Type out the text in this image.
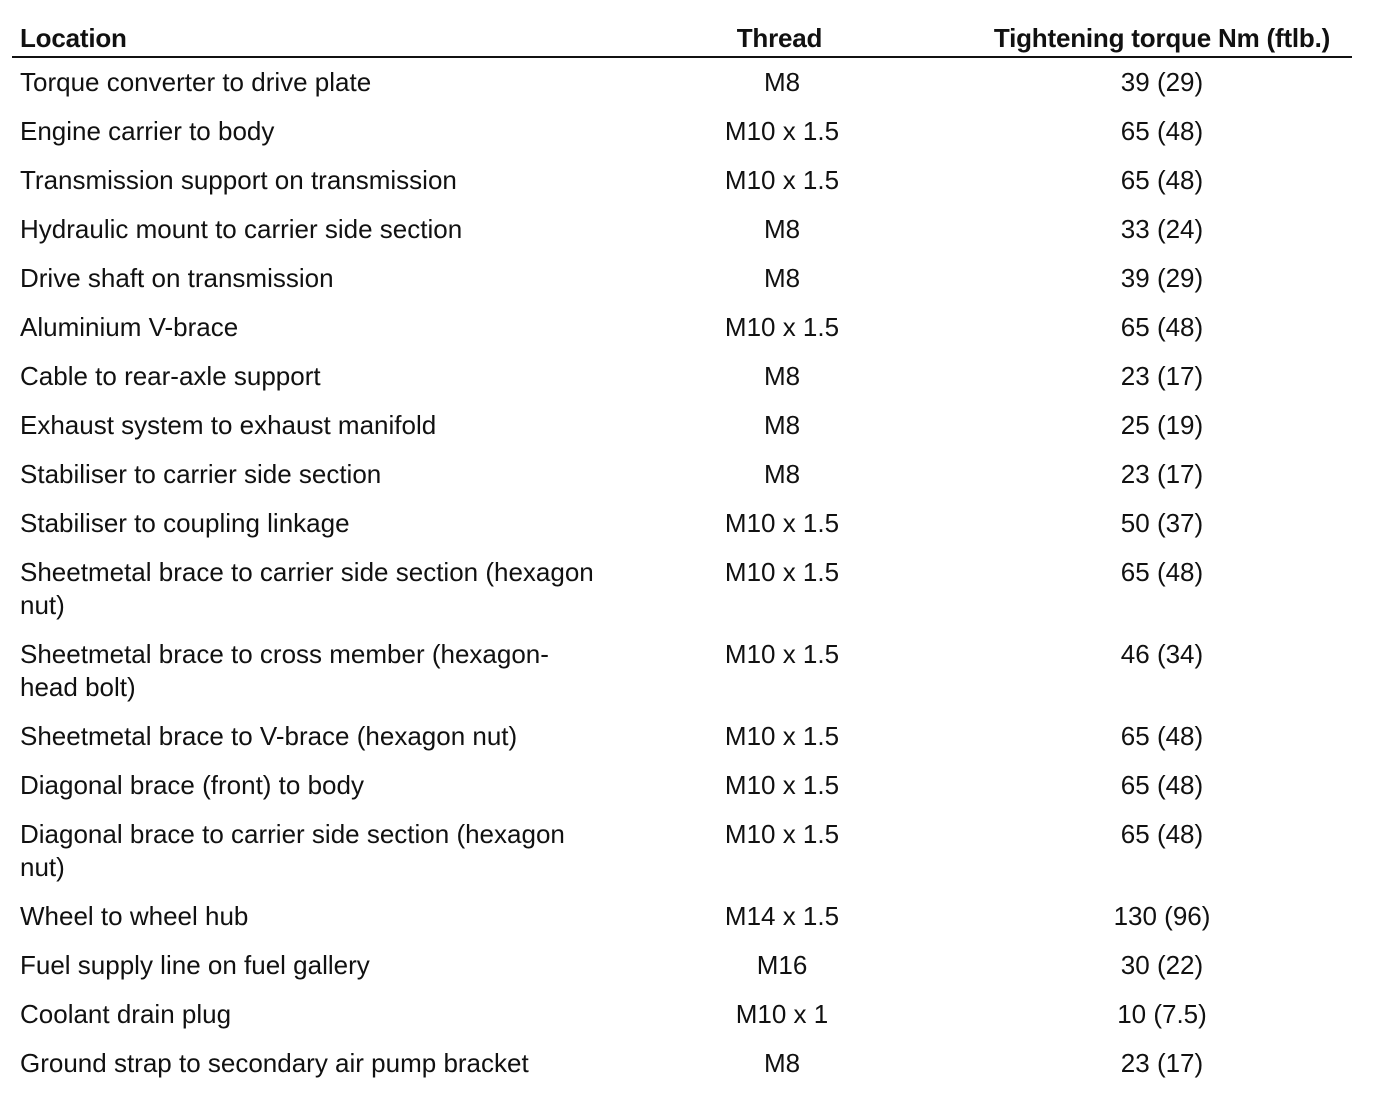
Location	Thread	Tightening torque Nm (ftlb.)
Torque converter to drive plate	M8	39 (29)
Engine carrier to body	M10 x 1.5	65 (48)
Transmission support on transmission	M10 x 1.5	65 (48)
Hydraulic mount to carrier side section	M8	33 (24)
Drive shaft on transmission	M8	39 (29)
Aluminium V-brace	M10 x 1.5	65 (48)
Cable to rear-axle support	M8	23 (17)
Exhaust system to exhaust manifold	M8	25 (19)
Stabiliser to carrier side section	M8	23 (17)
Stabiliser to coupling linkage	M10 x 1.5	50 (37)
Sheetmetal brace to carrier side section (hexagon nut)	M10 x 1.5	65 (48)
Sheetmetal brace to cross member (hexagon-head bolt)	M10 x 1.5	46 (34)
Sheetmetal brace to V-brace (hexagon nut)	M10 x 1.5	65 (48)
Diagonal brace (front) to body	M10 x 1.5	65 (48)
Diagonal brace to carrier side section (hexagon nut)	M10 x 1.5	65 (48)
Wheel to wheel hub	M14 x 1.5	130 (96)
Fuel supply line on fuel gallery	M16	30 (22)
Coolant drain plug	M10 x 1	10 (7.5)
Ground strap to secondary air pump bracket	M8	23 (17)
